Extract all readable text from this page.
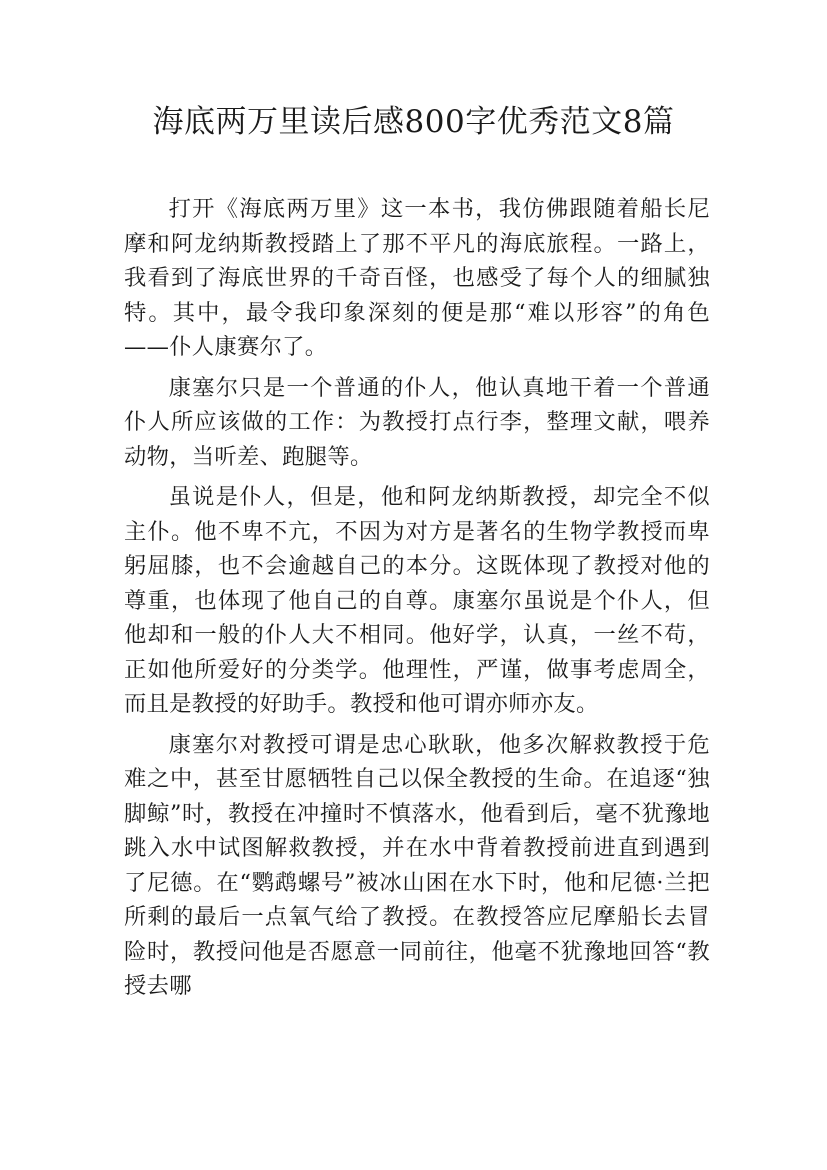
海底两万里读后感800字优秀范文8篇

打开《海底两万里》这一本书，我仿佛跟随着船长尼摩和阿龙纳斯教授踏上了那不平凡的海底旅程。一路上，我看到了海底世界的千奇百怪，也感受了每个人的细腻独特。其中，最令我印象深刻的便是那“难以形容”的角色——仆人康赛尔了。

康塞尔只是一个普通的仆人，他认真地干着一个普通仆人所应该做的工作：为教授打点行李，整理文献，喂养动物，当听差、跑腿等。

虽说是仆人，但是，他和阿龙纳斯教授，却完全不似主仆。他不卑不亢，不因为对方是著名的生物学教授而卑躬屈膝，也不会逾越自己的本分。这既体现了教授对他的尊重，也体现了他自己的自尊。康塞尔虽说是个仆人，但他却和一般的仆人大不相同。他好学，认真，一丝不苟，正如他所爱好的分类学。他理性，严谨，做事考虑周全，而且是教授的好助手。教授和他可谓亦师亦友。

康塞尔对教授可谓是忠心耿耿，他多次解救教授于危难之中，甚至甘愿牺牲自己以保全教授的生命。在追逐“独脚鲸”时，教授在冲撞时不慎落水，他看到后，毫不犹豫地跳入水中试图解救教授，并在水中背着教授前进直到遇到了尼德。在“鹦鹉螺号”被冰山困在水下时，他和尼德·兰把所剩的最后一点氧气给了教授。在教授答应尼摩船长去冒险时，教授问他是否愿意一同前往，他毫不犹豫地回答“教授去哪
